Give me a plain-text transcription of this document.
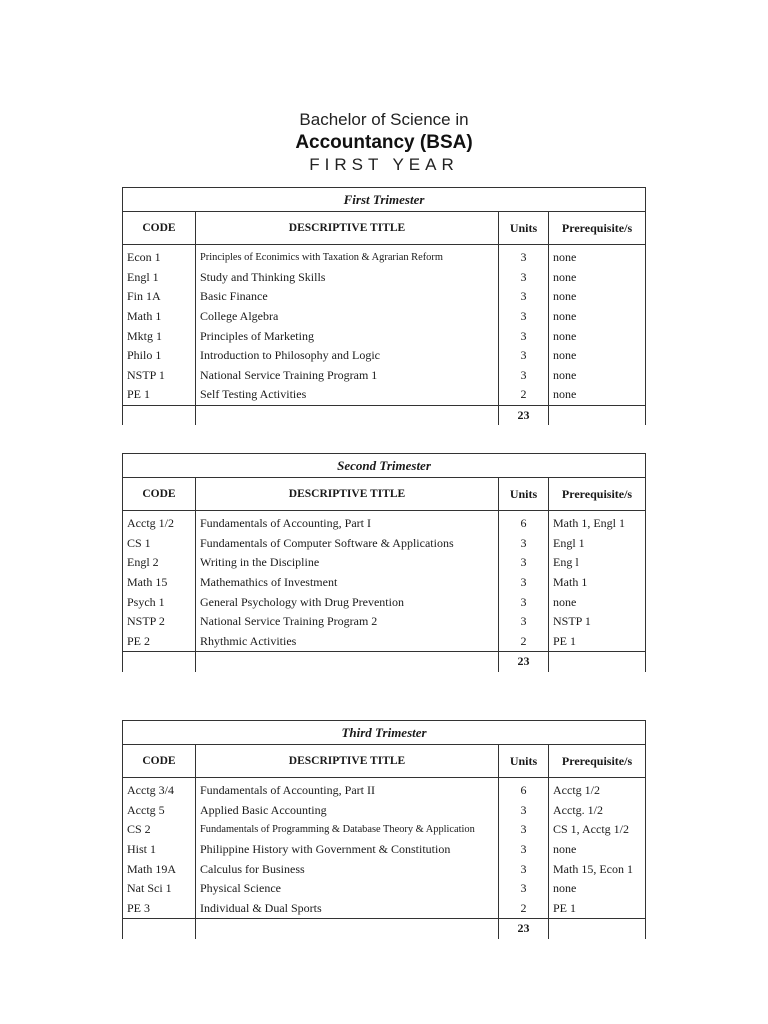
Bachelor of Science in
Accountancy (BSA)
FIRST YEAR
First Trimester			
CODE	DESCRIPTIVE TITLE	Units	Prerequisite/s
Econ 1	Principles of Econimics with Taxation & Agrarian Reform	3	none
Engl 1	Study and Thinking Skills	3	none
Fin 1A	Basic Finance	3	none
Math 1	College Algebra	3	none
Mktg 1	Principles of Marketing	3	none
Philo 1	Introduction to Philosophy and Logic	3	none
NSTP 1	National Service Training Program 1	3	none
PE 1	Self Testing Activities	2	none
		23	
Second Trimester			
CODE	DESCRIPTIVE TITLE	Units	Prerequisite/s
Acctg 1/2	Fundamentals of Accounting, Part I	6	Math 1, Engl 1
CS 1	Fundamentals of Computer Software & Applications	3	Engl 1
Engl 2	Writing in the Discipline	3	Eng l
Math 15	Mathemathics of Investment	3	Math 1
Psych 1	General Psychology with Drug Prevention	3	none
NSTP 2	National Service Training Program 2	3	NSTP 1
PE 2	Rhythmic Activities	2	PE 1
		23	
Third Trimester			
CODE	DESCRIPTIVE TITLE	Units	Prerequisite/s
Acctg 3/4	Fundamentals of Accounting, Part II	6	Acctg 1/2
Acctg 5	Applied Basic Accounting	3	Acctg. 1/2
CS 2	Fundamentals of Programming & Database Theory & Application	3	CS 1, Acctg 1/2
Hist 1	Philippine History with Government & Constitution	3	none
Math 19A	Calculus for Business	3	Math 15, Econ 1
Nat Sci 1	Physical Science	3	none
PE 3	Individual & Dual Sports	2	PE 1
		23	
